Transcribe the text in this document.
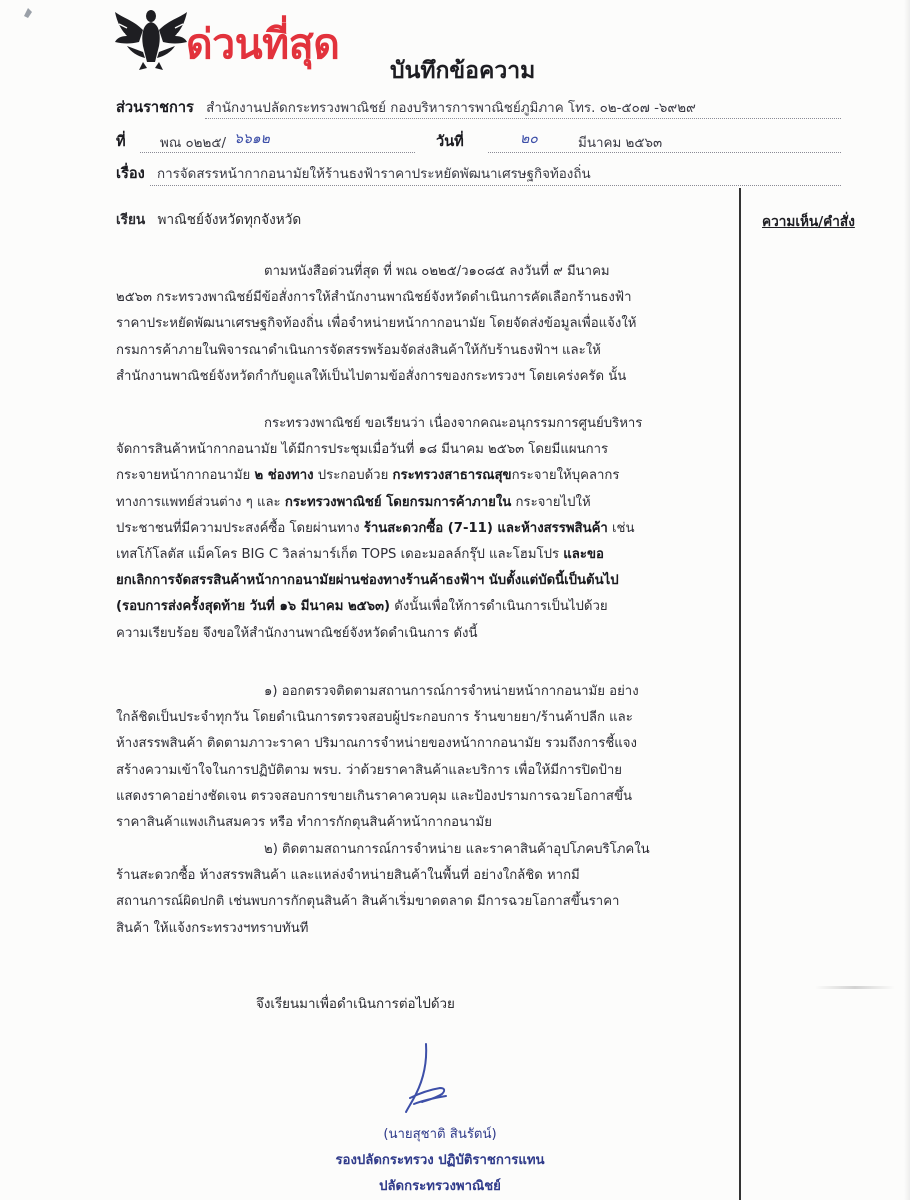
ด่วนที่สุด
บันทึกข้อความ
ส่วนราชการ สำนักงานปลัดกระทรวงพาณิชย์ กองบริหารการพาณิชย์ภูมิภาค โทร. ๐๒-๕๐๗ -๖๙๒๙
ที่	พณ ๐๒๒๕/ ๖๖๑๒	วันที่	๒๐	มีนาคม ๒๕๖๓
เรื่อง การจัดสรรหน้ากากอนามัยให้ร้านธงฟ้าราคาประหยัดพัฒนาเศรษฐกิจท้องถิ่น
ความเห็น/คำสั่ง
เรียน พาณิชย์จังหวัดทุกจังหวัด
ตามหนังสือด่วนที่สุด ที่ พณ ๐๒๒๕/ว๑๐๘๕ ลงวันที่ ๙ มีนาคม
๒๕๖๓ กระทรวงพาณิชย์มีข้อสั่งการให้สำนักงานพาณิชย์จังหวัดดำเนินการคัดเลือกร้านธงฟ้า
ราคาประหยัดพัฒนาเศรษฐกิจท้องถิ่น เพื่อจำหน่ายหน้ากากอนามัย โดยจัดส่งข้อมูลเพื่อแจ้งให้
กรมการค้าภายในพิจารณาดำเนินการจัดสรรพร้อมจัดส่งสินค้าให้กับร้านธงฟ้าฯ และให้
สำนักงานพาณิชย์จังหวัดกำกับดูแลให้เป็นไปตามข้อสั่งการของกระทรวงฯ โดยเคร่งครัด นั้น
กระทรวงพาณิชย์ ขอเรียนว่า เนื่องจากคณะอนุกรรมการศูนย์บริหาร
จัดการสินค้าหน้ากากอนามัย ได้มีการประชุมเมื่อวันที่ ๑๘ มีนาคม ๒๕๖๓ โดยมีแผนการ
กระจายหน้ากากอนามัย ๒ ช่องทาง ประกอบด้วย กระทรวงสาธารณสุขกระจายให้บุคลากร
ทางการแพทย์ส่วนต่าง ๆ และ กระทรวงพาณิชย์ โดยกรมการค้าภายใน กระจายไปให้
ประชาชนที่มีความประสงค์ซื้อ โดยผ่านทาง ร้านสะดวกซื้อ (7-11) และห้างสรรพสินค้า เช่น
เทสโก้โลตัส แม็คโคร BIG C วิลล่ามาร์เก็ต TOPS เดอะมอลล์กรุ๊ป และโฮมโปร และขอ
ยกเลิกการจัดสรรสินค้าหน้ากากอนามัยผ่านช่องทางร้านค้าธงฟ้าฯ นับตั้งแต่บัดนี้เป็นต้นไป
(รอบการส่งครั้งสุดท้าย วันที่ ๑๖ มีนาคม ๒๕๖๓) ดังนั้นเพื่อให้การดำเนินการเป็นไปด้วย
ความเรียบร้อย จึงขอให้สำนักงานพาณิชย์จังหวัดดำเนินการ ดังนี้
๑) ออกตรวจติดตามสถานการณ์การจำหน่ายหน้ากากอนามัย อย่าง
ใกล้ชิดเป็นประจำทุกวัน โดยดำเนินการตรวจสอบผู้ประกอบการ ร้านขายยา/ร้านค้าปลีก และ
ห้างสรรพสินค้า ติดตามภาวะราคา ปริมาณการจำหน่ายของหน้ากากอนามัย รวมถึงการชี้แจง
สร้างความเข้าใจในการปฏิบัติตาม พรบ. ว่าด้วยราคาสินค้าและบริการ เพื่อให้มีการปิดป้าย
แสดงราคาอย่างชัดเจน ตรวจสอบการขายเกินราคาควบคุม และป้องปรามการฉวยโอกาสขึ้น
ราคาสินค้าแพงเกินสมควร หรือ ทำการกักตุนสินค้าหน้ากากอนามัย
๒) ติดตามสถานการณ์การจำหน่าย และราคาสินค้าอุปโภคบริโภคใน
ร้านสะดวกซื้อ ห้างสรรพสินค้า และแหล่งจำหน่ายสินค้าในพื้นที่ อย่างใกล้ชิด หากมี
สถานการณ์ผิดปกติ เช่นพบการกักตุนสินค้า สินค้าเริ่มขาดตลาด มีการฉวยโอกาสขึ้นราคา
สินค้า ให้แจ้งกระทรวงฯทราบทันที
จึงเรียนมาเพื่อดำเนินการต่อไปด้วย
(นายสุชาติ สินรัตน์)
รองปลัดกระทรวง ปฏิบัติราชการแทน
ปลัดกระทรวงพาณิชย์
